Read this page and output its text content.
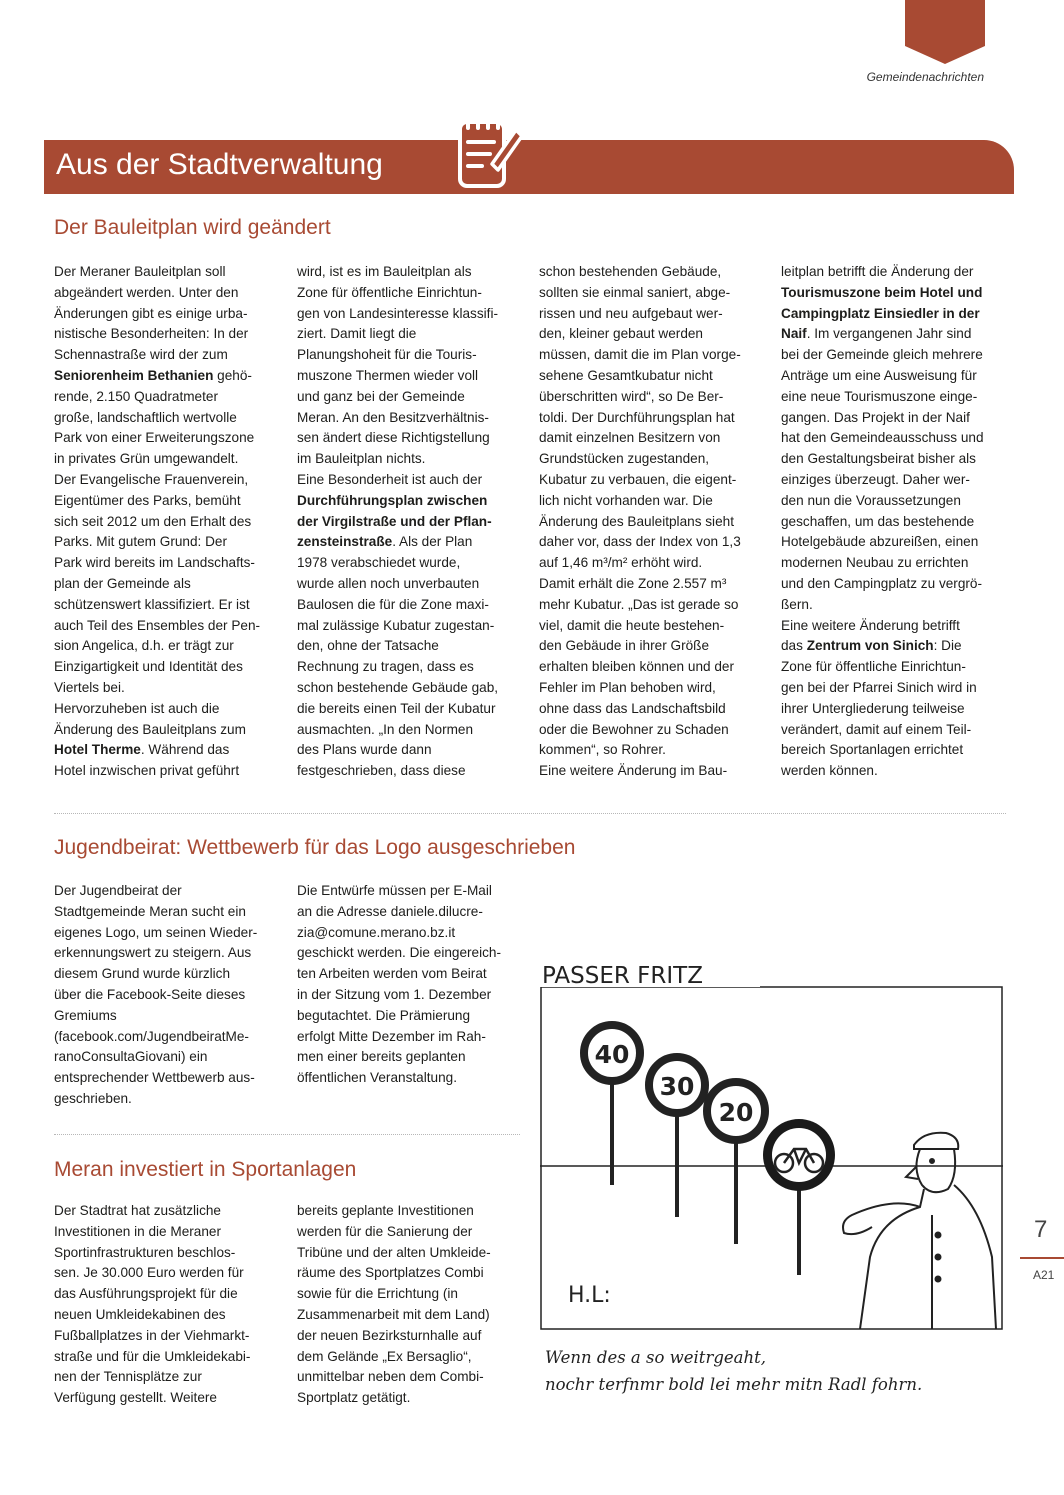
Gemeindenachrichten
Aus der Stadtverwaltung
Der Bauleitplan wird geändert
Der Meraner Bauleitplan soll
abgeändert werden. Unter den
Änderungen gibt es einige urba-
nistische Besonderheiten: In der
Schennastraße wird der zum
Seniorenheim Bethanien gehö-
rende, 2.150 Quadratmeter
große, landschaftlich wertvolle
Park von einer Erweiterungszone
in privates Grün umgewandelt.
Der Evangelische Frauenverein,
Eigentümer des Parks, bemüht
sich seit 2012 um den Erhalt des
Parks. Mit gutem Grund: Der
Park wird bereits im Landschafts-
plan der Gemeinde als
schützenswert klassifiziert. Er ist
auch Teil des Ensembles der Pen-
sion Angelica, d.h. er trägt zur
Einzigartigkeit und Identität des
Viertels bei.
Hervorzuheben ist auch die
Änderung des Bauleitplans zum
Hotel Therme. Während das
Hotel inzwischen privat geführt
wird, ist es im Bauleitplan als
Zone für öffentliche Einrichtun-
gen von Landesinteresse klassifi-
ziert. Damit liegt die
Planungshoheit für die Touris-
muszone Thermen wieder voll
und ganz bei der Gemeinde
Meran. An den Besitzverhältnis-
sen ändert diese Richtigstellung
im Bauleitplan nichts.
Eine Besonderheit ist auch der
Durchführungsplan zwischen
der Virgilstraße und der Pflan-
zensteinstraße. Als der Plan
1978 verabschiedet wurde,
wurde allen noch unverbauten
Baulosen die für die Zone maxi-
mal zulässige Kubatur zugestan-
den, ohne der Tatsache
Rechnung zu tragen, dass es
schon bestehende Gebäude gab,
die bereits einen Teil der Kubatur
ausmachten. „In den Normen
des Plans wurde dann
festgeschrieben, dass diese
schon bestehenden Gebäude,
sollten sie einmal saniert, abge-
rissen und neu aufgebaut wer-
den, kleiner gebaut werden
müssen, damit die im Plan vorge-
sehene Gesamtkubatur nicht
überschritten wird“, so De Ber-
toldi. Der Durchführungsplan hat
damit einzelnen Besitzern von
Grundstücken zugestanden,
Kubatur zu verbauen, die eigent-
lich nicht vorhanden war. Die
Änderung des Bauleitplans sieht
daher vor, dass der Index von 1,3
auf 1,46 m³/m² erhöht wird.
Damit erhält die Zone 2.557 m³
mehr Kubatur. „Das ist gerade so
viel, damit die heute bestehen-
den Gebäude in ihrer Größe
erhalten bleiben können und der
Fehler im Plan behoben wird,
ohne dass das Landschaftsbild
oder die Bewohner zu Schaden
kommen“, so Rohrer.
Eine weitere Änderung im Bau-
leitplan betrifft die Änderung der
Tourismuszone beim Hotel und
Campingplatz Einsiedler in der
Naif. Im vergangenen Jahr sind
bei der Gemeinde gleich mehrere
Anträge um eine Ausweisung für
eine neue Tourismuszone einge-
gangen. Das Projekt in der Naif
hat den Gemeindeausschuss und
den Gestaltungsbeirat bisher als
einziges überzeugt. Daher wer-
den nun die Voraussetzungen
geschaffen, um das bestehende
Hotelgebäude abzureißen, einen
modernen Neubau zu errichten
und den Campingplatz zu vergrö-
ßern.
Eine weitere Änderung betrifft
das Zentrum von Sinich: Die
Zone für öffentliche Einrichtun-
gen bei der Pfarrei Sinich wird in
ihrer Untergliederung teilweise
verändert, damit auf einem Teil-
bereich Sportanlagen errichtet
werden können.
Jugendbeirat: Wettbewerb für das Logo ausgeschrieben
Der Jugendbeirat der
Stadtgemeinde Meran sucht ein
eigenes Logo, um seinen Wieder-
erkennungswert zu steigern. Aus
diesem Grund wurde kürzlich
über die Facebook-Seite dieses
Gremiums
(facebook.com/JugendbeiratMe-
ranoConsultaGiovani) ein
entsprechender Wettbewerb aus-
geschrieben.
Die Entwürfe müssen per E-Mail
an die Adresse daniele.dilucre-
zia@comune.merano.bz.it
geschickt werden. Die eingereich-
ten Arbeiten werden vom Beirat
in der Sitzung vom 1. Dezember
begutachtet. Die Prämierung
erfolgt Mitte Dezember im Rah-
men einer bereits geplanten
öffentlichen Veranstaltung.
Meran investiert in Sportanlagen
Der Stadtrat hat zusätzliche
Investitionen in die Meraner
Sportinfrastrukturen beschlos-
sen. Je 30.000 Euro werden für
das Ausführungsprojekt für die
neuen Umkleidekabinen des
Fußballplatzes in der Viehmarkt-
straße und für die Umkleidekabi-
nen der Tennisplätze zur
Verfügung gestellt. Weitere
bereits geplante Investitionen
werden für die Sanierung der
Tribüne und der alten Umkleide-
räume des Sportplatzes Combi
sowie für die Errichtung (in
Zusammenarbeit mit dem Land)
der neuen Bezirksturnhalle auf
dem Gelände „Ex Bersaglio“,
unmittelbar neben dem Combi-
Sportplatz getätigt.
PASSER FRITZ
40
30
20
H.L:
Wenn des a so weitrgeaht,
nochr terfnmr bold lei mehr mitn Radl fohrn.
7
A21
